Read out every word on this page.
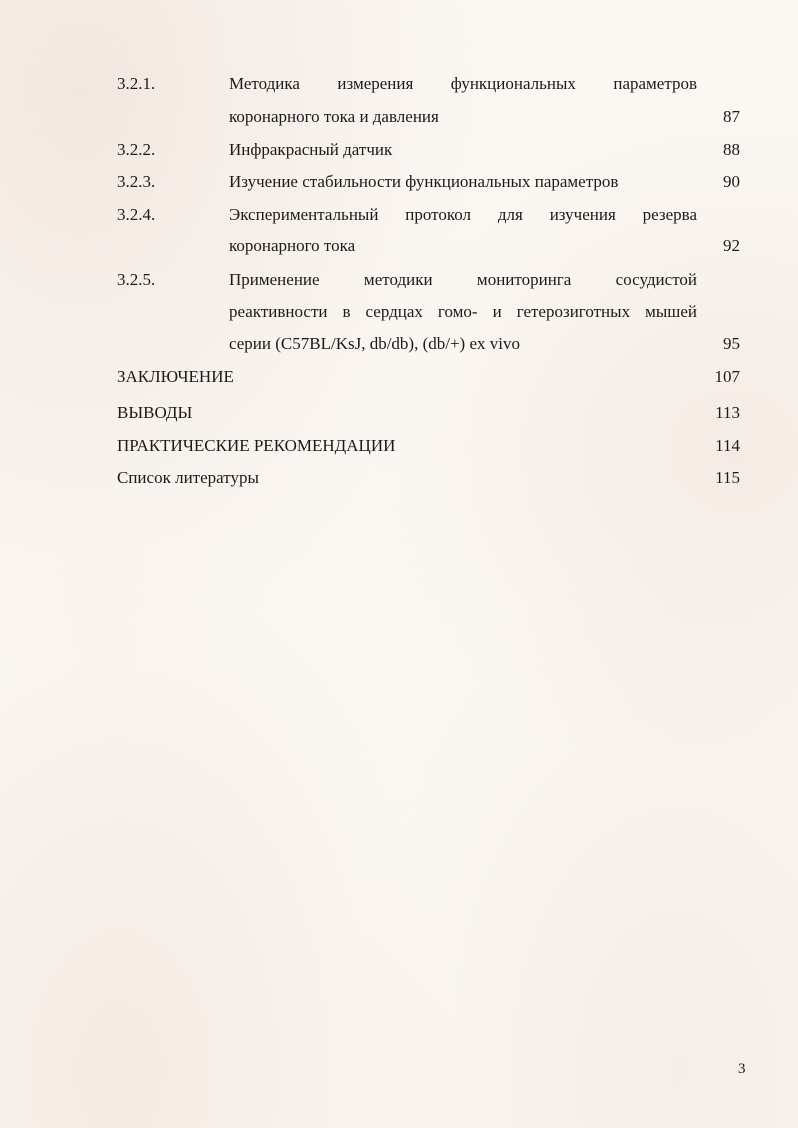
3.2.1.	Методика измерения функциональных параметров
коронарного тока и давления	87
3.2.2.	Инфракрасный датчик	88
3.2.3.	Изучение стабильности функциональных параметров	90
3.2.4.	Экспериментальный протокол для изучения резерва
коронарного тока	92
3.2.5.	Применение методики мониторинга сосудистой
реактивности в сердцах гомо- и гетерозиготных мышей
серии (C57BL/KsJ, db/db), (db/+) ex vivo	95
ЗАКЛЮЧЕНИЕ	107
ВЫВОДЫ	113
ПРАКТИЧЕСКИЕ РЕКОМЕНДАЦИИ	114
Список литературы	115
3
